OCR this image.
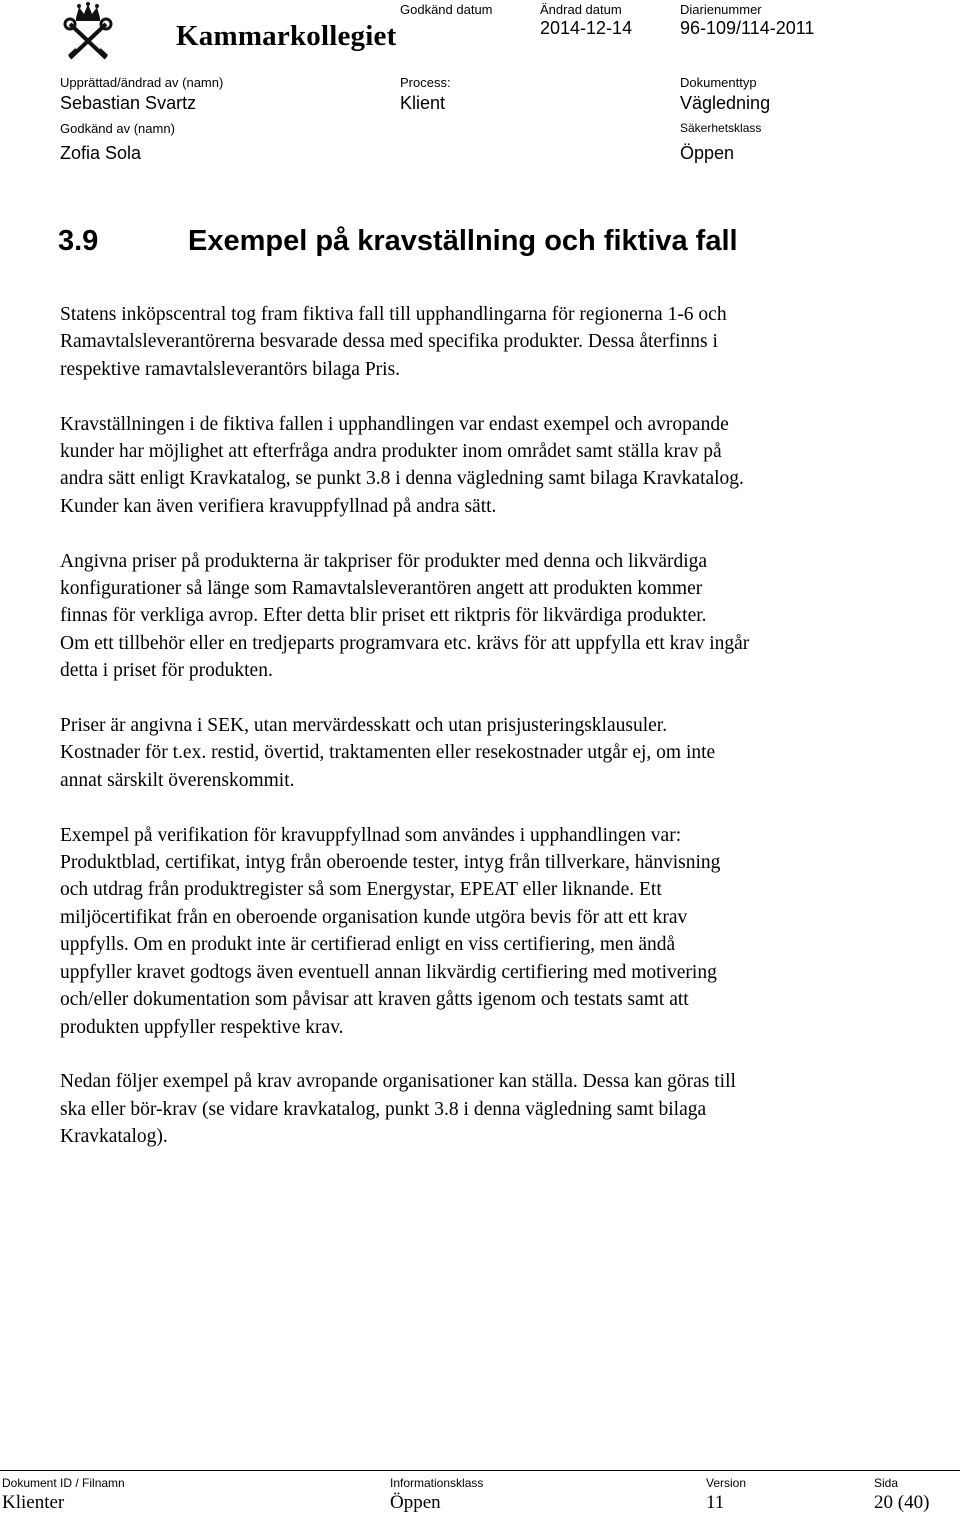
Kammarkollegiet
Godkänd datum	Ändrad datum
2014-12-14
Diarienummer
96-109/114-2011
Upprättad/ändrad av (namn)
Sebastian Svartz
Process:
Klient
Dokumenttyp
Vägledning
Godkänd av (namn)
Zofia Sola
Säkerhetsklass
Öppen
3.9	Exempel på kravställning och fiktiva fall

Statens inköpscentral tog fram fiktiva fall till upphandlingarna för regionerna 1-6 och
Ramavtalsleverantörerna besvarade dessa med specifika produkter. Dessa återfinns i
respektive ramavtalsleverantörs bilaga Pris.

Kravställningen i de fiktiva fallen i upphandlingen var endast exempel och avropande
kunder har möjlighet att efterfråga andra produkter inom området samt ställa krav på
andra sätt enligt Kravkatalog, se punkt 3.8 i denna vägledning samt bilaga Kravkatalog.
Kunder kan även verifiera kravuppfyllnad på andra sätt.

Angivna priser på produkterna är takpriser för produkter med denna och likvärdiga
konfigurationer så länge som Ramavtalsleverantören angett att produkten kommer
finnas för verkliga avrop. Efter detta blir priset ett riktpris för likvärdiga produkter.
Om ett tillbehör eller en tredjeparts programvara etc. krävs för att uppfylla ett krav ingår
detta i priset för produkten.

Priser är angivna i SEK, utan mervärdesskatt och utan prisjusteringsklausuler.
Kostnader för t.ex. restid, övertid, traktamenten eller resekostnader utgår ej, om inte
annat särskilt överenskommit.

Exempel på verifikation för kravuppfyllnad som användes i upphandlingen var:
Produktblad, certifikat, intyg från oberoende tester, intyg från tillverkare, hänvisning
och utdrag från produktregister så som Energystar, EPEAT eller liknande. Ett
miljöcertifikat från en oberoende organisation kunde utgöra bevis för att ett krav
uppfylls. Om en produkt inte är certifierad enligt en viss certifiering, men ändå
uppfyller kravet godtogs även eventuell annan likvärdig certifiering med motivering
och/eller dokumentation som påvisar att kraven gåtts igenom och testats samt att
produkten uppfyller respektive krav.

Nedan följer exempel på krav avropande organisationer kan ställa. Dessa kan göras till
ska eller bör-krav (se vidare kravkatalog, punkt 3.8 i denna vägledning samt bilaga
Kravkatalog).

Dokument ID / Filnamn
Klienter
Informationsklass
Öppen
Version
11
Sida
20 (40)
